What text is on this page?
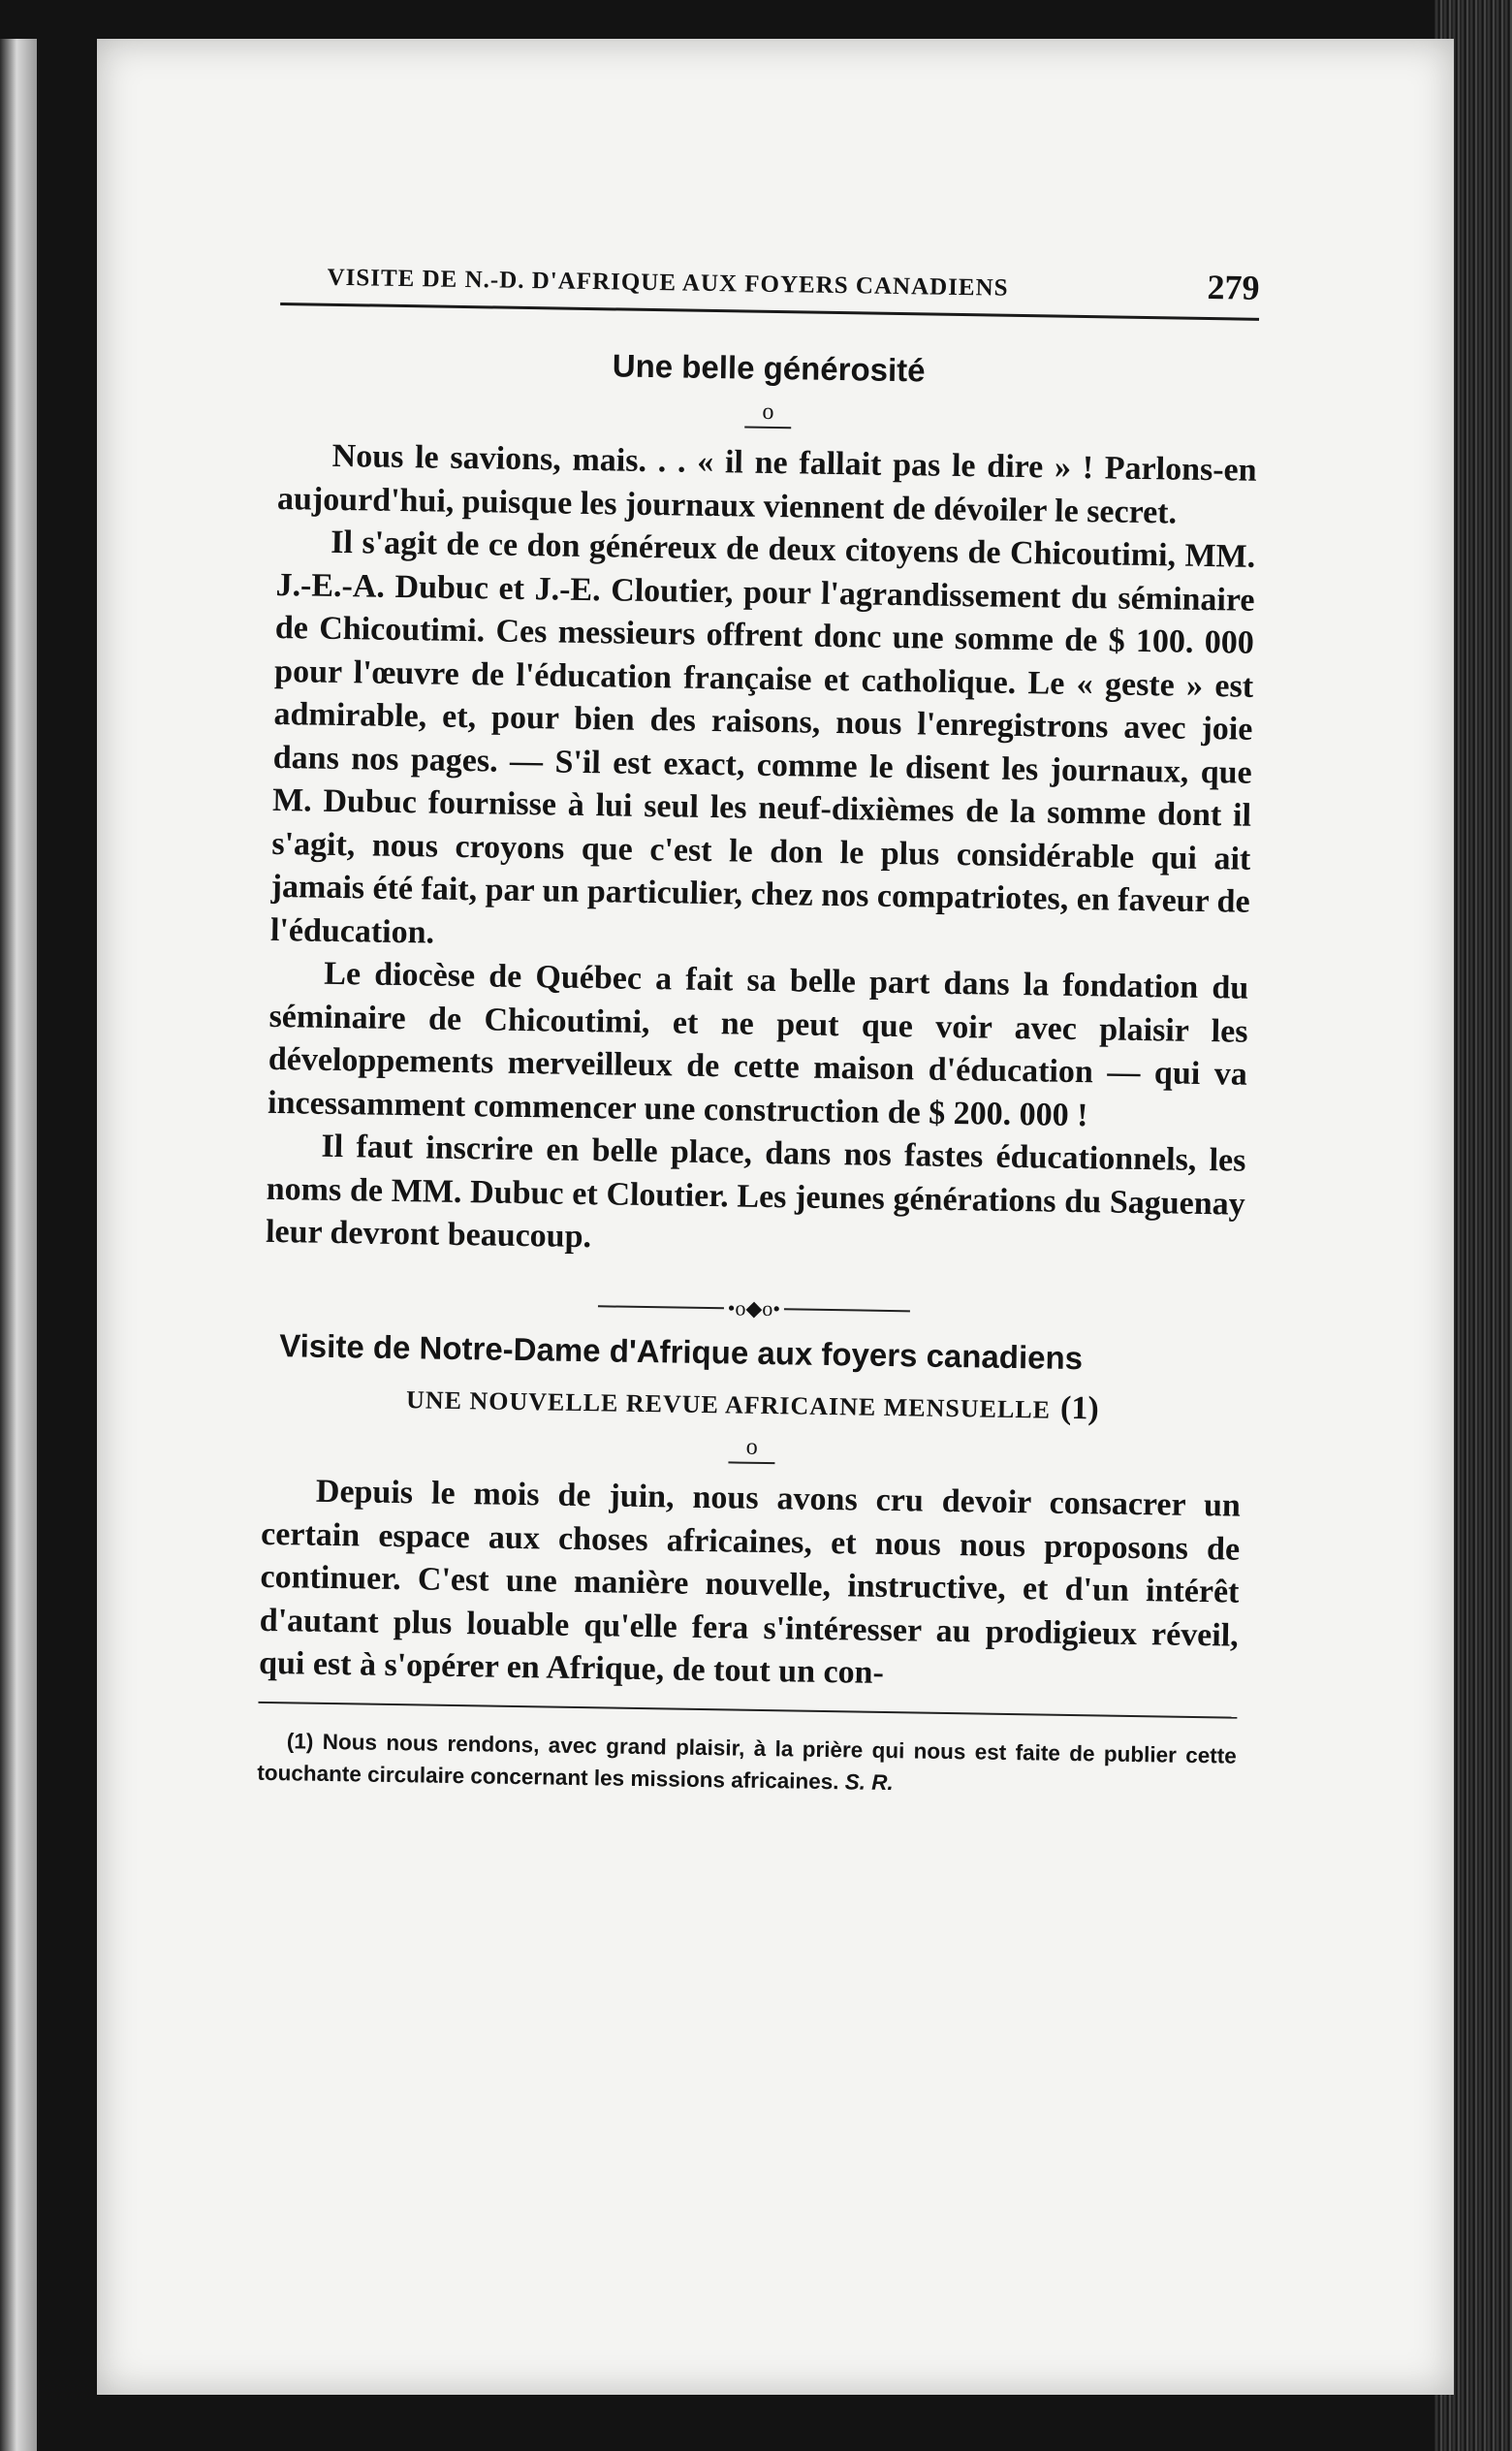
VISITE DE N.-D. D'AFRIQUE AUX FOYERS CANADIENS	279
Une belle générosité
o

Nous le savions, mais. . . « il ne fallait pas le dire » ! Parlons-en aujourd'hui, puisque les journaux viennent de dévoiler le secret.

Il s'agit de ce don généreux de deux citoyens de Chicoutimi, MM. J.-E.-A. Dubuc et J.-E. Cloutier, pour l'agrandissement du séminaire de Chicoutimi. Ces messieurs offrent donc une somme de $ 100. 000 pour l'œuvre de l'éducation française et catholique. Le « geste » est admirable, et, pour bien des raisons, nous l'enregistrons avec joie dans nos pages. — S'il est exact, comme le disent les journaux, que M. Dubuc fournisse à lui seul les neuf-dixièmes de la somme dont il s'agit, nous croyons que c'est le don le plus considérable qui ait jamais été fait, par un particulier, chez nos compatriotes, en faveur de l'éducation.

Le diocèse de Québec a fait sa belle part dans la fondation du séminaire de Chicoutimi, et ne peut que voir avec plaisir les développements merveilleux de cette maison d'éducation — qui va incessamment commencer une construction de $ 200. 000 !

Il faut inscrire en belle place, dans nos fastes éducationnels, les noms de MM. Dubuc et Cloutier. Les jeunes générations du Saguenay leur devront beaucoup.

•o◆o•
Visite de Notre-Dame d'Afrique aux foyers canadiens
UNE NOUVELLE REVUE AFRICAINE MENSUELLE (1)
o

Depuis le mois de juin, nous avons cru devoir consacrer un certain espace aux choses africaines, et nous nous proposons de continuer. C'est une manière nouvelle, instructive, et d'un intérêt d'autant plus louable qu'elle fera s'intéresser au prodigieux réveil, qui est à s'opérer en Afrique, de tout un con-

(1) Nous nous rendons, avec grand plaisir, à la prière qui nous est faite de publier cette touchante circulaire concernant les missions africaines. S. R.
